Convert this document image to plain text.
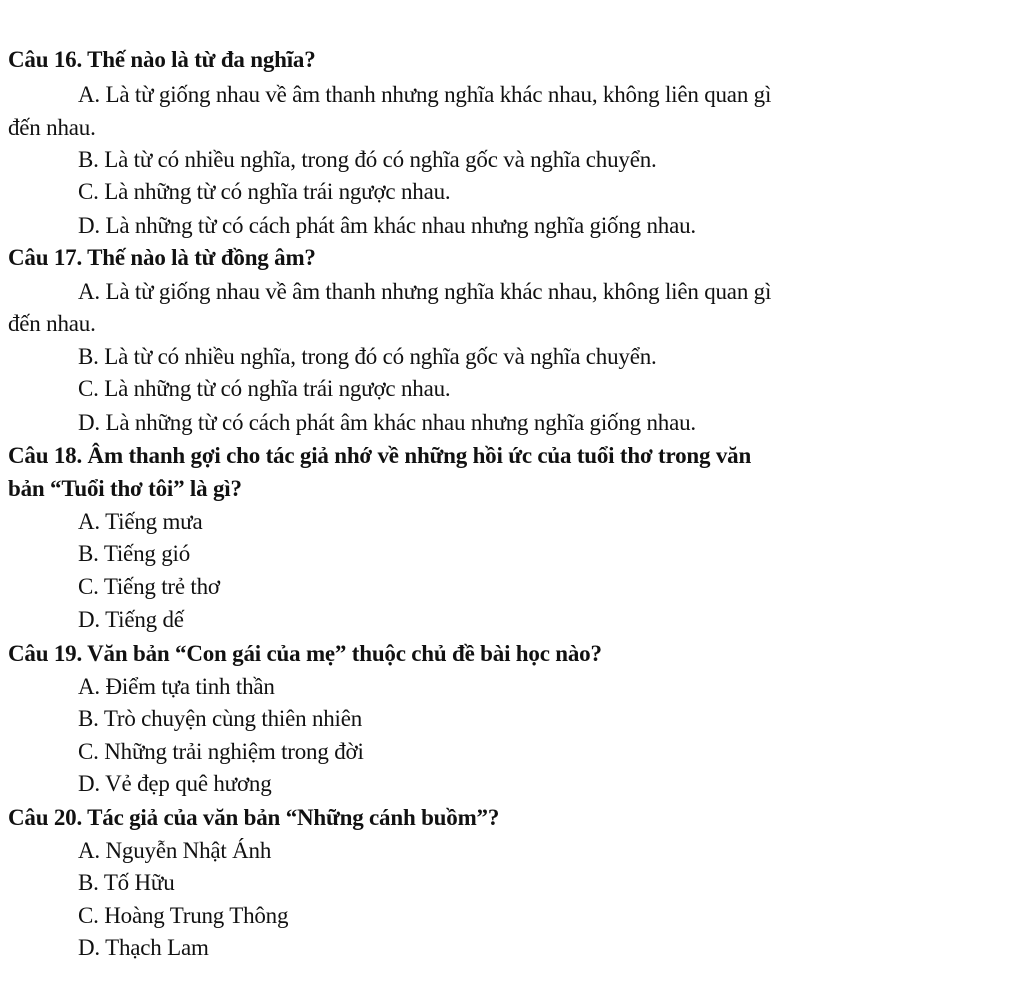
Câu 16. Thế nào là từ đa nghĩa?
A. Là từ giống nhau về âm thanh nhưng nghĩa khác nhau, không liên quan gì
đến nhau.
B. Là từ có nhiều nghĩa, trong đó có nghĩa gốc và nghĩa chuyển.
C. Là những từ có nghĩa trái ngược nhau.
D. Là những từ có cách phát âm khác nhau nhưng nghĩa giống nhau.
Câu 17. Thế nào là từ đồng âm?
A. Là từ giống nhau về âm thanh nhưng nghĩa khác nhau, không liên quan gì
đến nhau.
B. Là từ có nhiều nghĩa, trong đó có nghĩa gốc và nghĩa chuyển.
C. Là những từ có nghĩa trái ngược nhau.
D. Là những từ có cách phát âm khác nhau nhưng nghĩa giống nhau.
Câu 18. Âm thanh gợi cho tác giả nhớ về những hồi ức của tuổi thơ trong văn
bản “Tuổi thơ tôi” là gì?
A. Tiếng mưa
B. Tiếng gió
C. Tiếng trẻ thơ
D. Tiếng dế
Câu 19. Văn bản “Con gái của mẹ” thuộc chủ đề bài học nào?
A. Điểm tựa tinh thần
B. Trò chuyện cùng thiên nhiên
C. Những trải nghiệm trong đời
D. Vẻ đẹp quê hương
Câu 20. Tác giả của văn bản “Những cánh buồm”?
A. Nguyễn Nhật Ánh
B. Tố Hữu
C. Hoàng Trung Thông
D. Thạch Lam
